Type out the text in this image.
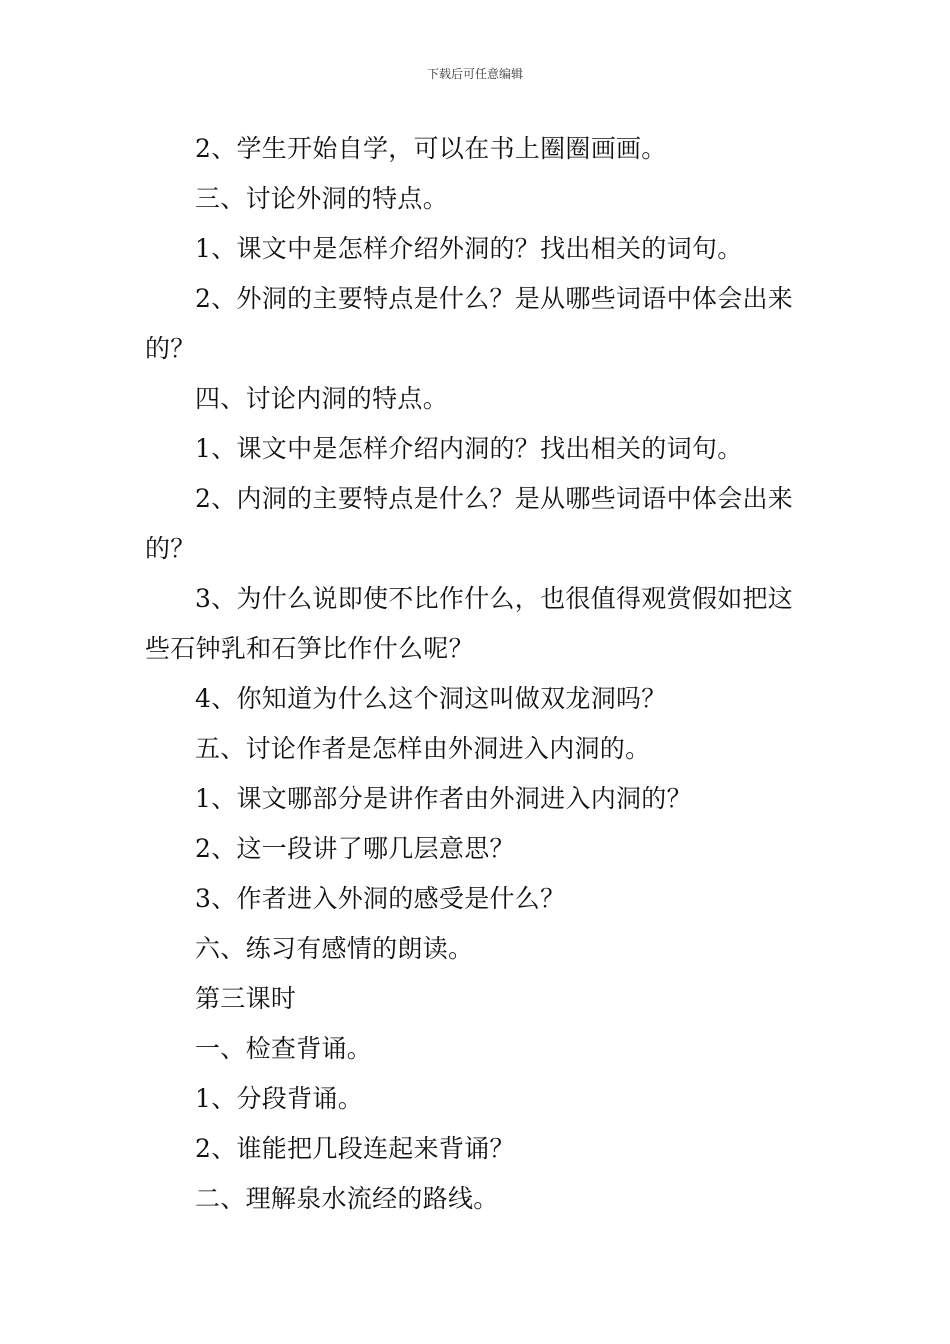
下载后可任意编辑

2、学生开始自学，可以在书上圈圈画画。

三、讨论外洞的特点。

1、课文中是怎样介绍外洞的？找出相关的词句。

2、外洞的主要特点是什么？是从哪些词语中体会出来的？

四、讨论内洞的特点。

1、课文中是怎样介绍内洞的？找出相关的词句。

2、内洞的主要特点是什么？是从哪些词语中体会出来的？

3、为什么说即使不比作什么，也很值得观赏假如把这些石钟乳和石笋比作什么呢？

4、你知道为什么这个洞这叫做双龙洞吗？

五、讨论作者是怎样由外洞进入内洞的。

1、课文哪部分是讲作者由外洞进入内洞的？

2、这一段讲了哪几层意思？

3、作者进入外洞的感受是什么？

六、练习有感情的朗读。

第三课时

一、检查背诵。

1、分段背诵。

2、谁能把几段连起来背诵？

二、理解泉水流经的路线。
